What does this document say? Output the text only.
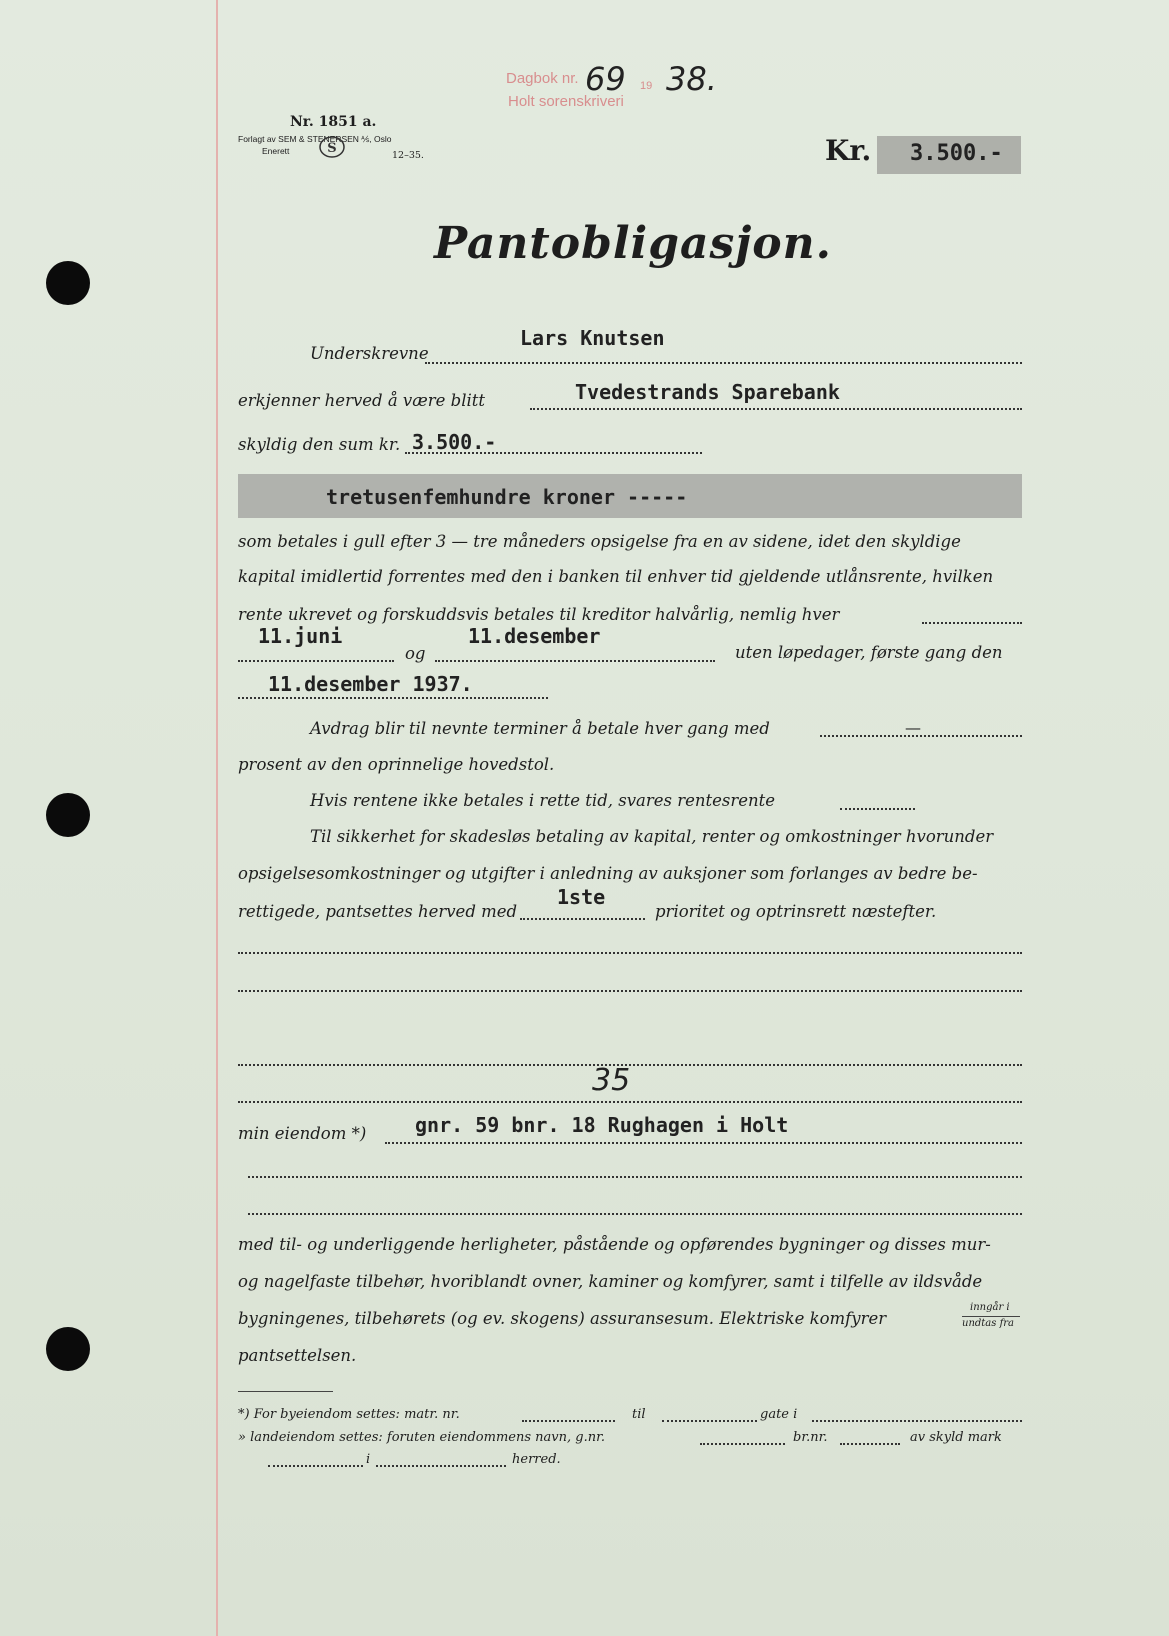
Dagbok nr.	19
Holt sorenskriveri
69 38.
Nr. 1851 a.
Forlagt av SEM & STENERSEN ⅍, Oslo
Enerett	12–35.
S	Kr. 3.500.-
Pantobligasjon.
Lars Knutsen
Underskrevne
erkjenner herved å være blitt	Tvedestrands Sparebank
skyldig den sum kr. 3.500.-
tretusenfemhundre kroner -----
som betales i gull efter 3 — tre måneders opsigelse fra en av sidene, idet den skyldige
kapital imidlertid forrentes med den i banken til enhver tid gjeldende utlånsrente, hvilken
rente ukrevet og forskuddsvis betales til kreditor halvårlig, nemlig hver
11.juni
og
11.desember
uten løpedager, første gang den
11.desember 1937.
Avdrag blir til nevnte terminer å betale hver gang med	—
prosent av den oprinnelige hovedstol.
Hvis rentene ikke betales i rette tid, svares rentesrente
Til sikkerhet for skadesløs betaling av kapital, renter og omkostninger hvorunder
opsigelsesomkostninger og utgifter i anledning av auksjoner som forlanges av bedre be-
rettigede, pantsettes herved med
1ste
prioritet og optrinsrett næstefter.
35
min eiendom *) gnr. 59 bnr. 18 Rughagen i Holt
med til- og underliggende herligheter, påstående og opførendes bygninger og disses mur-
og nagelfaste tilbehør, hvoriblandt ovner, kaminer og komfyrer, samt i tilfelle av ildsvåde
bygningenes, tilbehørets (og ev. skogens) assuransesum. Elektriske komfyrer
inngår i
undtas fra
pantsettelsen.
*) For byeiendom settes: matr. nr.	til	gate i
» landeiendom settes: foruten eiendommens navn, g.nr.	br.nr.	av skyld mark
i	herred.
